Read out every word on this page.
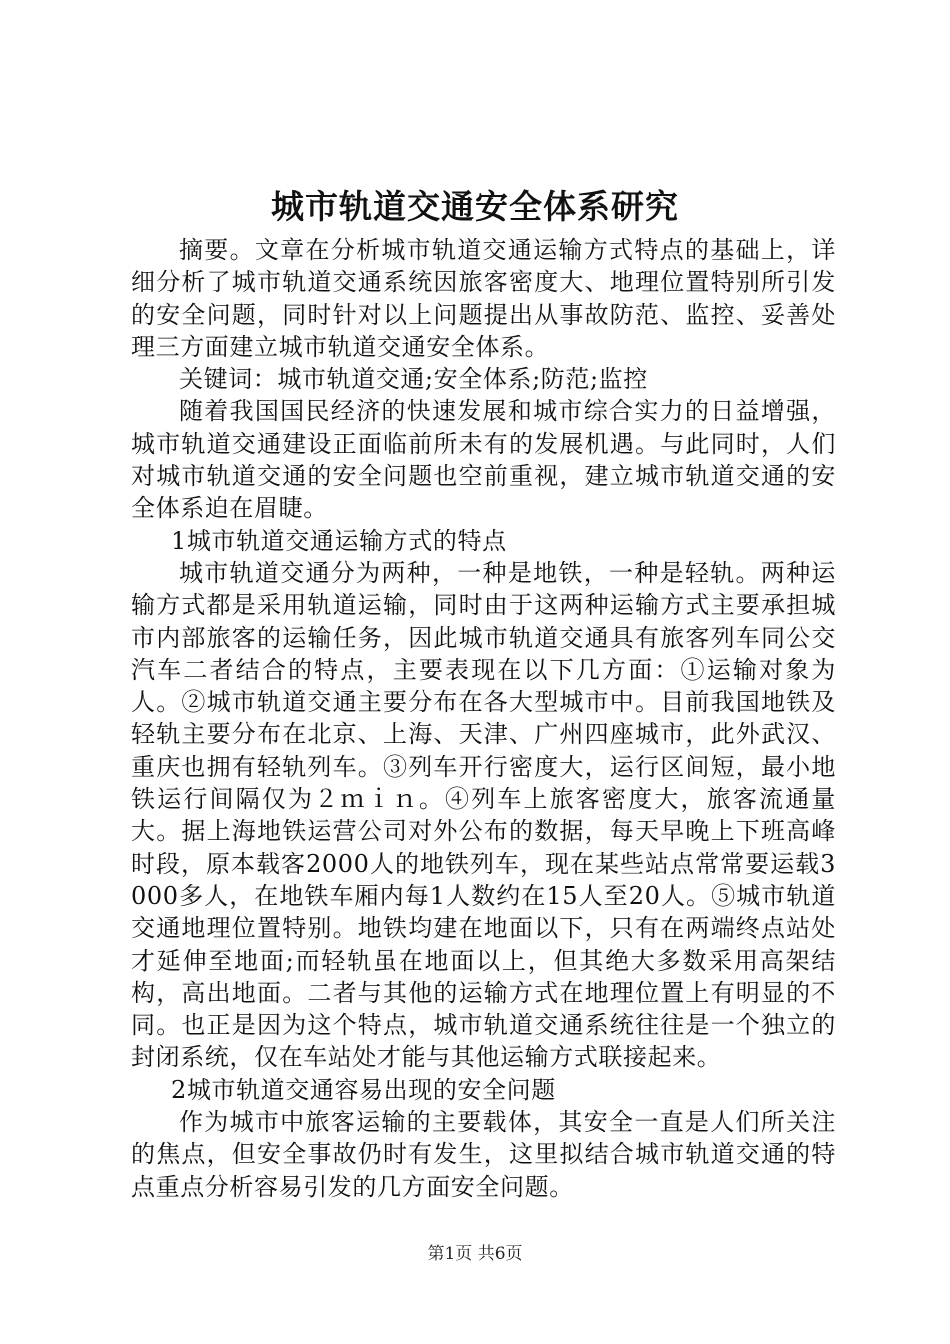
城市轨道交通安全体系研究

摘要。文章在分析城市轨道交通运输方式特点的基础上，详细分析了城市轨道交通系统因旅客密度大、地理位置特别所引发的安全问题，同时针对以上问题提出从事故防范、监控、妥善处理三方面建立城市轨道交通安全体系。

关键词：城市轨道交通;安全体系;防范;监控

随着我国国民经济的快速发展和城市综合实力的日益增强，城市轨道交通建设正面临前所未有的发展机遇。与此同时，人们对城市轨道交通的安全问题也空前重视，建立城市轨道交通的安全体系迫在眉睫。

1城市轨道交通运输方式的特点

城市轨道交通分为两种，一种是地铁，一种是轻轨。两种运输方式都是采用轨道运输，同时由于这两种运输方式主要承担城市内部旅客的运输任务，因此城市轨道交通具有旅客列车同公交汽车二者结合的特点，主要表现在以下几方面：①运输对象为人。②城市轨道交通主要分布在各大型城市中。目前我国地铁及轻轨主要分布在北京、上海、天津、广州四座城市，此外武汉、重庆也拥有轻轨列车。③列车开行密度大，运行区间短，最小地铁运行间隔仅为２ｍｉｎ。④列车上旅客密度大，旅客流通量大。据上海地铁运营公司对外公布的数据，每天早晚上下班高峰时段，原本载客2000人的地铁列车，现在某些站点常常要运载3000多人，在地铁车厢内每1人数约在15人至20人。⑤城市轨道交通地理位置特别。地铁均建在地面以下，只有在两端终点站处才延伸至地面;而轻轨虽在地面以上，但其绝大多数采用高架结构，高出地面。二者与其他的运输方式在地理位置上有明显的不同。也正是因为这个特点，城市轨道交通系统往往是一个独立的封闭系统，仅在车站处才能与其他运输方式联接起来。

2城市轨道交通容易出现的安全问题

作为城市中旅客运输的主要载体，其安全一直是人们所关注的焦点，但安全事故仍时有发生，这里拟结合城市轨道交通的特点重点分析容易引发的几方面安全问题。

第1页 共6页
